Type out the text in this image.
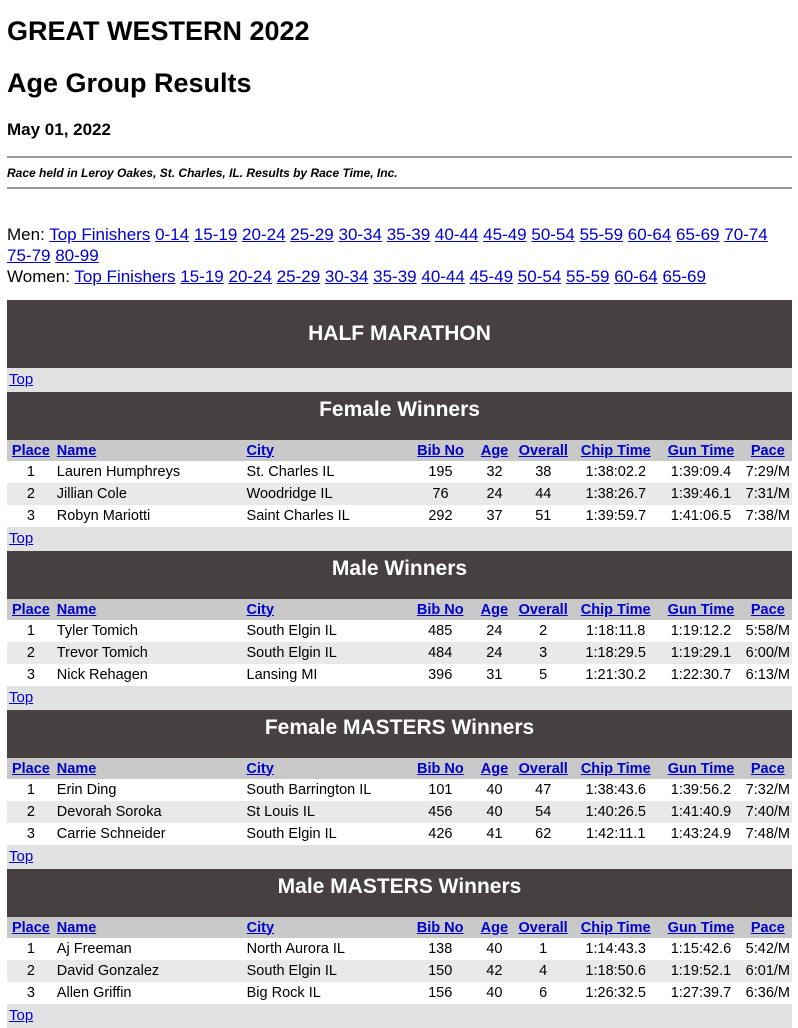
GREAT WESTERN 2022
Age Group Results
May 01, 2022
Race held in Leroy Oakes, St. Charles, IL. Results by Race Time, Inc.
Men: Top Finishers 0-14 15-19 20-24 25-29 30-34 35-39 40-44 45-49 50-54 55-59 60-64 65-69 70-74 75-79 80-99
Women: Top Finishers 15-19 20-24 25-29 30-34 35-39 40-44 45-49 50-54 55-59 60-64 65-69
HALF MARATHON
Top
Female Winners
Place	Name	City	Bib No	Age	Overall	Chip Time	Gun Time	Pace
1	Lauren Humphreys	St. Charles IL	195	32	38	1:38:02.2	1:39:09.4	7:29/M
2	Jillian Cole	Woodridge IL	76	24	44	1:38:26.7	1:39:46.1	7:31/M
3	Robyn Mariotti	Saint Charles IL	292	37	51	1:39:59.7	1:41:06.5	7:38/M
Top
Male Winners
Place	Name	City	Bib No	Age	Overall	Chip Time	Gun Time	Pace
1	Tyler Tomich	South Elgin IL	485	24	2	1:18:11.8	1:19:12.2	5:58/M
2	Trevor Tomich	South Elgin IL	484	24	3	1:18:29.5	1:19:29.1	6:00/M
3	Nick Rehagen	Lansing MI	396	31	5	1:21:30.2	1:22:30.7	6:13/M
Top
Female MASTERS Winners
Place	Name	City	Bib No	Age	Overall	Chip Time	Gun Time	Pace
1	Erin Ding	South Barrington IL	101	40	47	1:38:43.6	1:39:56.2	7:32/M
2	Devorah Soroka	St Louis IL	456	40	54	1:40:26.5	1:41:40.9	7:40/M
3	Carrie Schneider	South Elgin IL	426	41	62	1:42:11.1	1:43:24.9	7:48/M
Top
Male MASTERS Winners
Place	Name	City	Bib No	Age	Overall	Chip Time	Gun Time	Pace
1	Aj Freeman	North Aurora IL	138	40	1	1:14:43.3	1:15:42.6	5:42/M
2	David Gonzalez	South Elgin IL	150	42	4	1:18:50.6	1:19:52.1	6:01/M
3	Allen Griffin	Big Rock IL	156	40	6	1:26:32.5	1:27:39.7	6:36/M
Top
